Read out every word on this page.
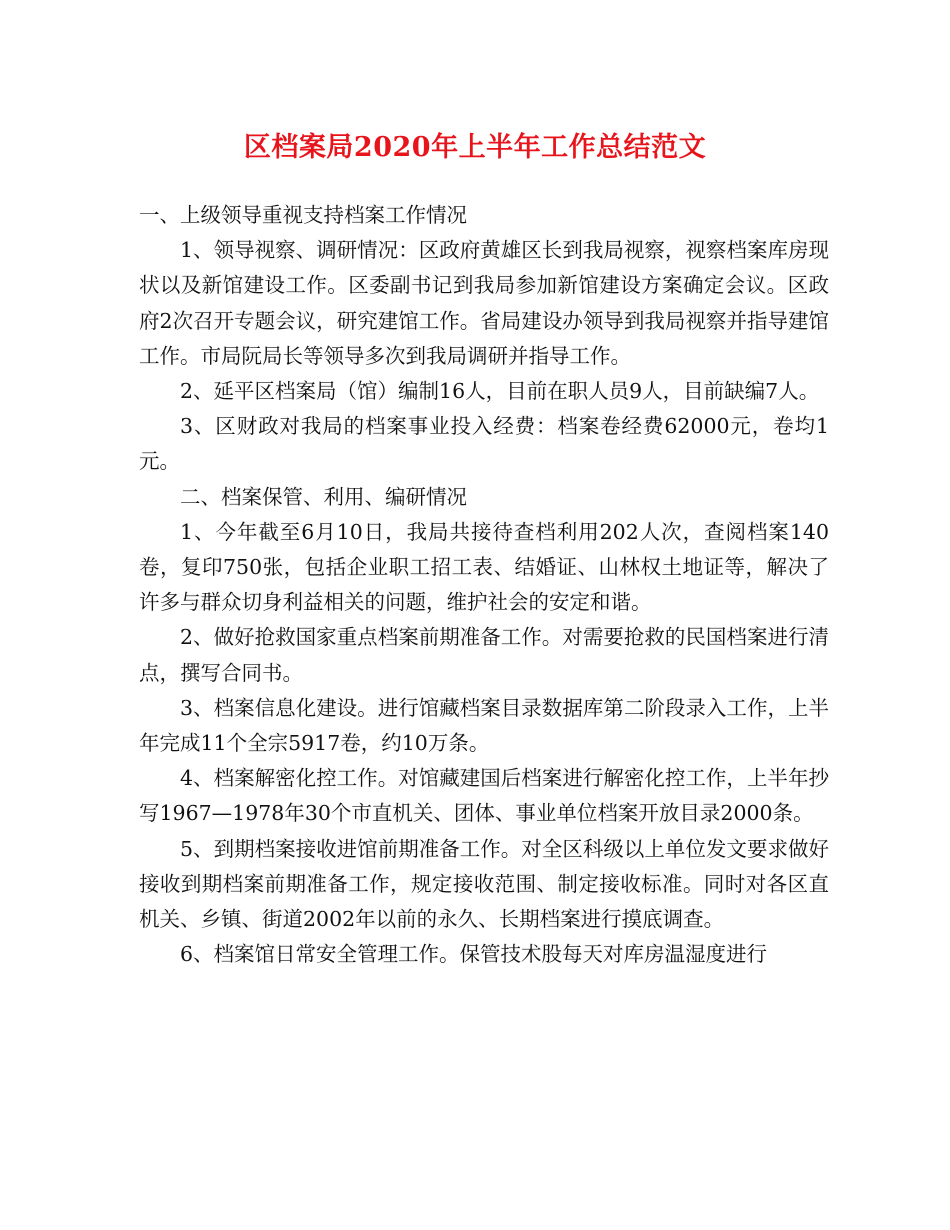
区档案局2020年上半年工作总结范文

一、上级领导重视支持档案工作情况

1、领导视察、调研情况：区政府黄雄区长到我局视察，视察档案库房现状以及新馆建设工作。区委副书记到我局参加新馆建设方案确定会议。区政府2次召开专题会议，研究建馆工作。省局建设办领导到我局视察并指导建馆工作。市局阮局长等领导多次到我局调研并指导工作。

2、延平区档案局（馆）编制16人，目前在职人员9人，目前缺编7人。

3、区财政对我局的档案事业投入经费：档案卷经费62000元，卷均1元。

二、档案保管、利用、编研情况

1、今年截至6月10日，我局共接待查档利用202人次，查阅档案140卷，复印750张，包括企业职工招工表、结婚证、山林权土地证等，解决了许多与群众切身利益相关的问题，维护社会的安定和谐。

2、做好抢救国家重点档案前期准备工作。对需要抢救的民国档案进行清点，撰写合同书。

3、档案信息化建设。进行馆藏档案目录数据库第二阶段录入工作，上半年完成11个全宗5917卷，约10万条。

4、档案解密化控工作。对馆藏建国后档案进行解密化控工作，上半年抄写1967—1978年30个市直机关、团体、事业单位档案开放目录2000条。

5、到期档案接收进馆前期准备工作。对全区科级以上单位发文要求做好接收到期档案前期准备工作，规定接收范围、制定接收标准。同时对各区直机关、乡镇、街道2002年以前的永久、长期档案进行摸底调查。

6、档案馆日常安全管理工作。保管技术股每天对库房温湿度进行
